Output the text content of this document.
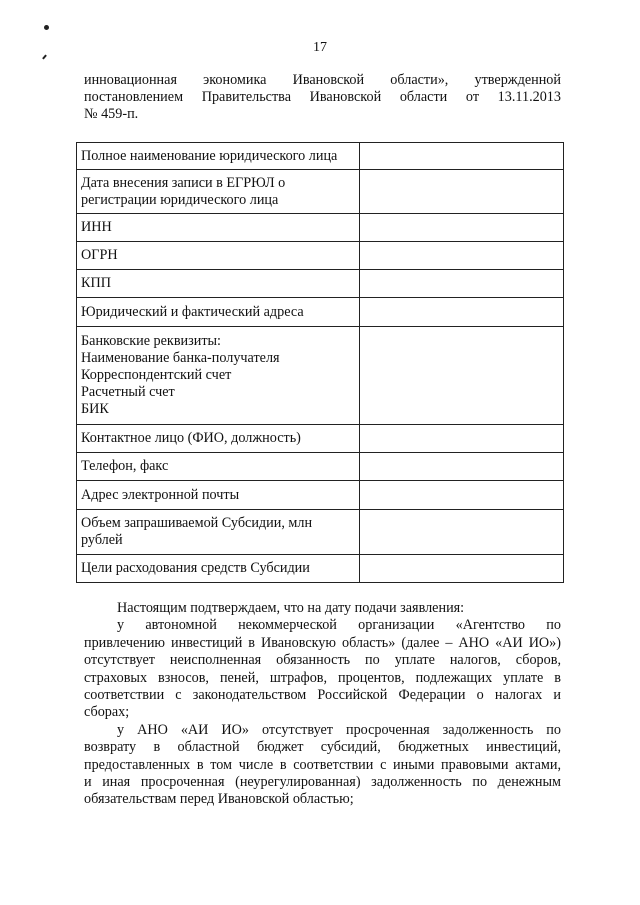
17
инновационная экономика Ивановской области», утвержденной
постановлением Правительства Ивановской области от 13.11.2013
№ 459-п.
Полное наименование юридического лица	

Дата внесения записи в ЕГРЮЛ о
регистрации юридического лица	

ИНН	

ОГРН	

КПП	

Юридический и фактический адреса	

Банковские реквизиты:
Наименование банка-получателя
Корреспондентский счет
Расчетный счет
БИК	

Контактное лицо (ФИО, должность)	

Телефон, факс	

Адрес электронной почты	

Объем запрашиваемой Субсидии, млн
рублей	

Цели расходования средств Субсидии	

Настоящим подтверждаем, что на дату подачи заявления:
у автономной некоммерческой организации «Агентство по
привлечению инвестиций в Ивановскую область» (далее – АНО «АИ ИО»)
отсутствует неисполненная обязанность по уплате налогов, сборов,
страховых взносов, пеней, штрафов, процентов, подлежащих уплате в
соответствии с законодательством Российской Федерации о налогах и
сборах;
у АНО «АИ ИО» отсутствует просроченная задолженность по
возврату в областной бюджет субсидий, бюджетных инвестиций,
предоставленных в том числе в соответствии с иными правовыми актами,
и иная просроченная (неурегулированная) задолженность по денежным
обязательствам перед Ивановской областью;
